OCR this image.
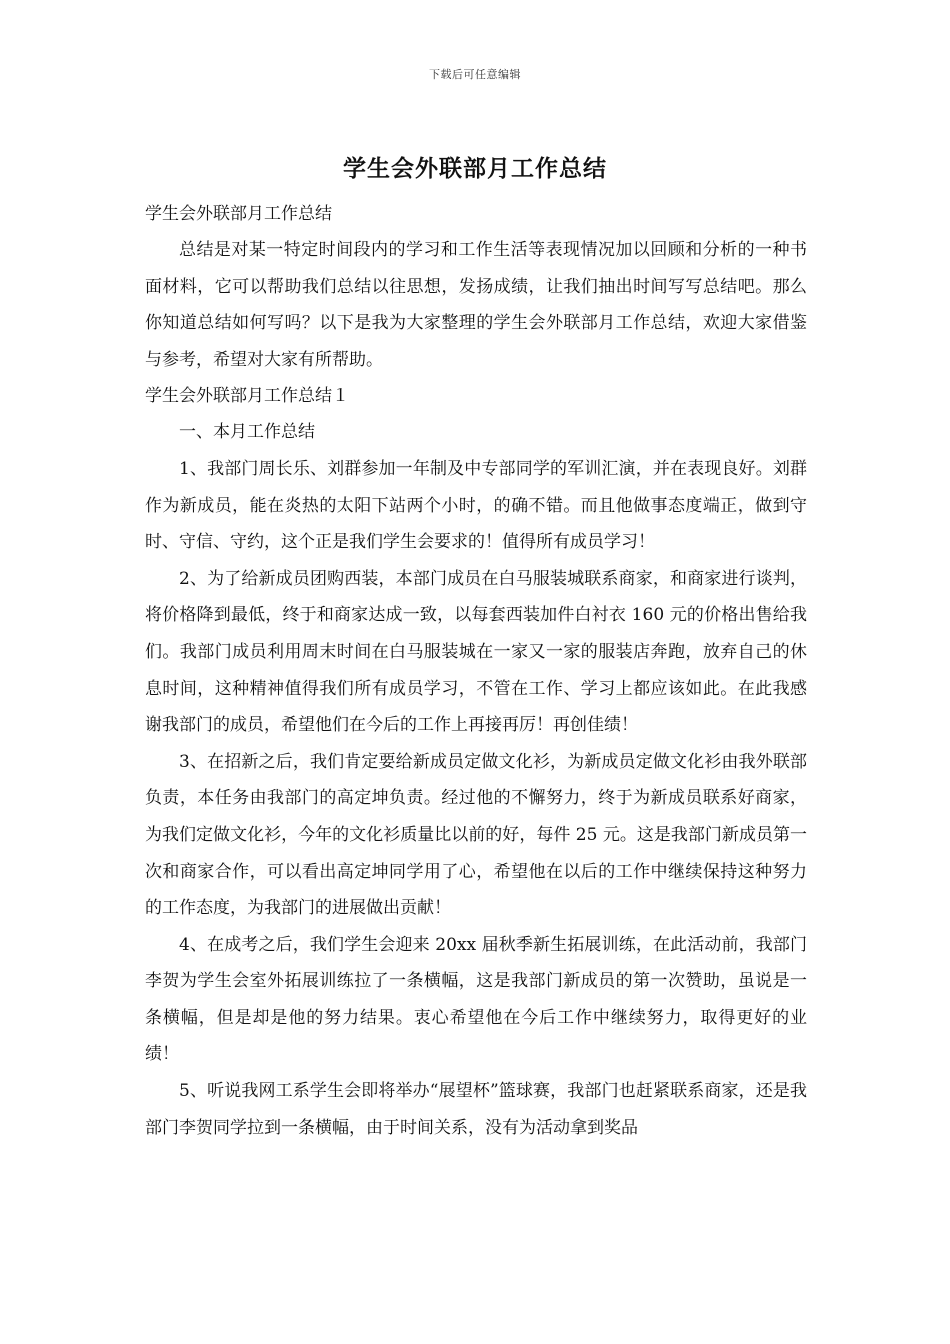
下载后可任意编辑
学生会外联部月工作总结

学生会外联部月工作总结

总结是对某一特定时间段内的学习和工作生活等表现情况加以回顾和分析的一种书面材料，它可以帮助我们总结以往思想，发扬成绩，让我们抽出时间写写总结吧。那么你知道总结如何写吗？以下是我为大家整理的学生会外联部月工作总结，欢迎大家借鉴与参考，希望对大家有所帮助。

学生会外联部月工作总结１

一、本月工作总结

1、我部门周长乐、刘群参加一年制及中专部同学的军训汇演，并在表现良好。刘群作为新成员，能在炎热的太阳下站两个小时，的确不错。而且他做事态度端正，做到守时、守信、守约，这个正是我们学生会要求的！值得所有成员学习！

2、为了给新成员团购西装，本部门成员在白马服装城联系商家，和商家进行谈判，将价格降到最低，终于和商家达成一致，以每套西装加件白衬衣 160 元的价格出售给我们。我部门成员利用周末时间在白马服装城在一家又一家的服装店奔跑，放弃自己的休息时间，这种精神值得我们所有成员学习，不管在工作、学习上都应该如此。在此我感谢我部门的成员，希望他们在今后的工作上再接再厉！再创佳绩！

3、在招新之后，我们肯定要给新成员定做文化衫，为新成员定做文化衫由我外联部负责，本任务由我部门的高定坤负责。经过他的不懈努力，终于为新成员联系好商家，为我们定做文化衫，今年的文化衫质量比以前的好，每件 25 元。这是我部门新成员第一次和商家合作，可以看出高定坤同学用了心，希望他在以后的工作中继续保持这种努力的工作态度，为我部门的进展做出贡献！

4、在成考之后，我们学生会迎来 20xx 届秋季新生拓展训练，在此活动前，我部门李贺为学生会室外拓展训练拉了一条横幅，这是我部门新成员的第一次赞助，虽说是一条横幅，但是却是他的努力结果。衷心希望他在今后工作中继续努力，取得更好的业绩！

5、听说我网工系学生会即将举办“展望杯”篮球赛，我部门也赶紧联系商家，还是我部门李贺同学拉到一条横幅，由于时间关系，没有为活动拿到奖品
